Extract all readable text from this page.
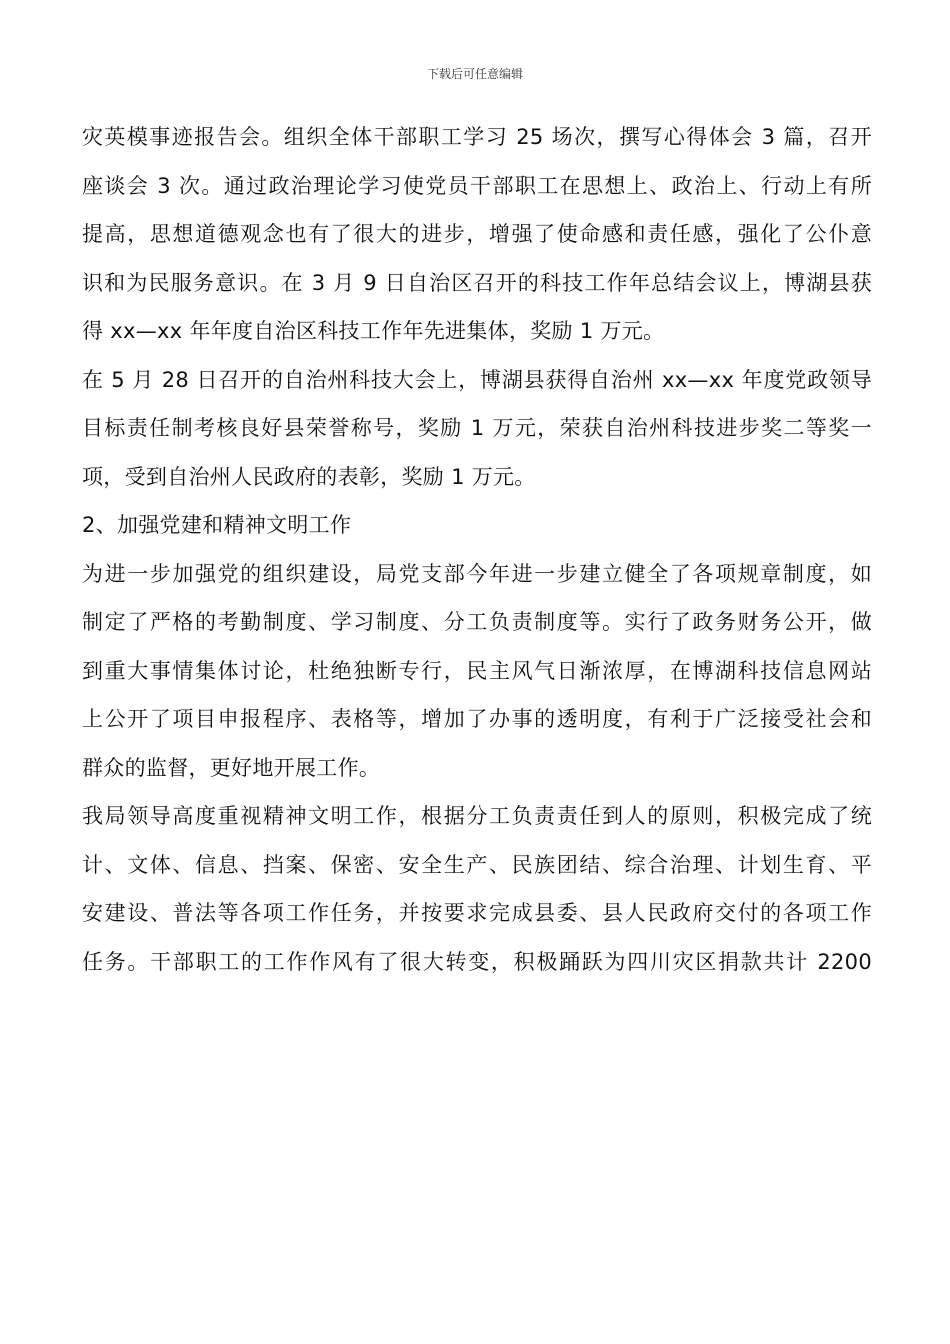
下载后可任意编辑
灾英模事迹报告会。组织全体干部职工学习 25 场次，撰写心得体会 3 篇，召开
座谈会 3 次。通过政治理论学习使党员干部职工在思想上、政治上、行动上有所
提高，思想道德观念也有了很大的进步，增强了使命感和责任感，强化了公仆意
识和为民服务意识。在 3 月 9 日自治区召开的科技工作年总结会议上，博湖县获
得 xx—xx 年年度自治区科技工作年先进集体，奖励 1 万元。
在 5 月 28 日召开的自治州科技大会上，博湖县获得自治州 xx—xx 年度党政领导
目标责任制考核良好县荣誉称号，奖励 1 万元，荣获自治州科技进步奖二等奖一
项，受到自治州人民政府的表彰，奖励 1 万元。
2、加强党建和精神文明工作
为进一步加强党的组织建设，局党支部今年进一步建立健全了各项规章制度，如
制定了严格的考勤制度、学习制度、分工负责制度等。实行了政务财务公开，做
到重大事情集体讨论，杜绝独断专行，民主风气日渐浓厚，在博湖科技信息网站
上公开了项目申报程序、表格等，增加了办事的透明度，有利于广泛接受社会和
群众的监督，更好地开展工作。
我局领导高度重视精神文明工作，根据分工负责责任到人的原则，积极完成了统
计、文体、信息、挡案、保密、安全生产、民族团结、综合治理、计划生育、平
安建设、普法等各项工作任务，并按要求完成县委、县人民政府交付的各项工作
任务。干部职工的工作作风有了很大转变，积极踊跃为四川灾区捐款共计 2200
